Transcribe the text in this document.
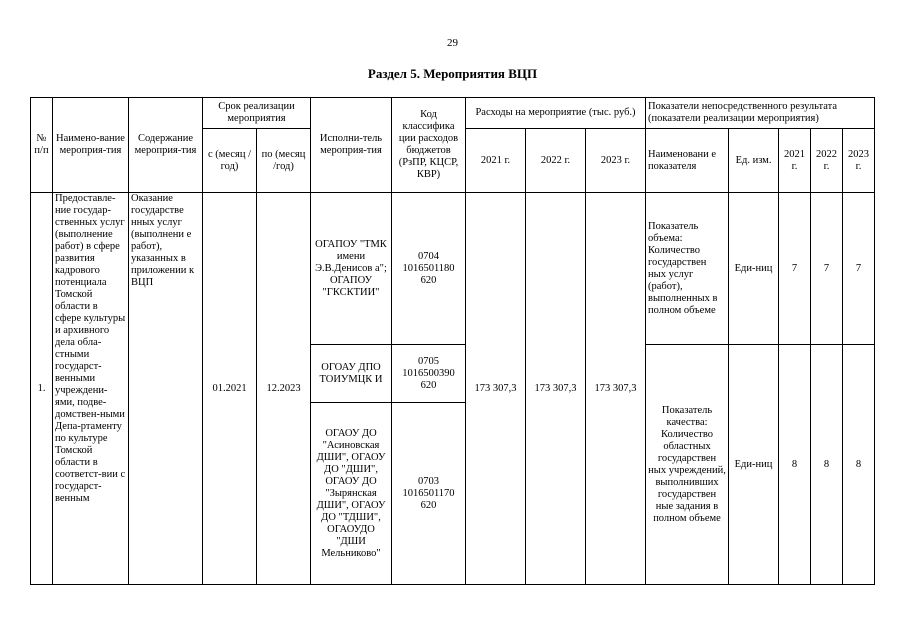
29
Раздел 5. Мероприятия ВЦП
№ п/п	Наимено-вание мероприя-тия	Содержание мероприя-тия	Срок реализации мероприятия		Исполни-тель мероприя-тия	Код классифика ции расходов бюджетов (РзПР, КЦСР, КВР)	Расходы на мероприятие (тыс. руб.)			Показатели непосредственного результата (показатели реализации мероприятия)				
			с (месяц /год)	по (месяц /год)			2021 г.	2022 г.	2023 г.	Наименовани е показателя	Ед. изм.	2021 г.	2022 г.	2023 г.
1.	Предоставле-ние государ-ственных услуг (выполнение работ) в сфере развития кадрового потенциала Томской области в сфере культуры и архивного дела обла-стными государст-венными учреждени-ями, подве-домствен-ными Депа-ртаменту по культуре Томской области в соответст-вии с государст-венным	Оказание государстве нных услуг (выполнени е работ), указанных в приложении к ВЦП	01.2021	12.2023	ОГАПОУ "ТМК имени Э.В.Денисов а"; ОГАПОУ "ГКСКТИИ"	0704 1016501180 620	173 307,3	173 307,3	173 307,3	Показатель объема: Количество государствен ных услуг (работ), выполненных в полном объеме	Еди-ниц	7	7	7
					ОГОАУ ДПО ТОИУМЦК И	0705 1016500390 620				Показатель качества: Количество областных государствен ных учреждений, выполнивших государствен ные задания в полном объеме	Еди-ниц	8	8	8
					ОГАОУ ДО "Асиновская ДШИ", ОГАОУ ДО "ДШИ", ОГАОУ ДО "Зырянская ДШИ", ОГАОУ ДО "ТДШИ", ОГАОУДО "ДШИ Мельниково"	0703 1016501170 620								
